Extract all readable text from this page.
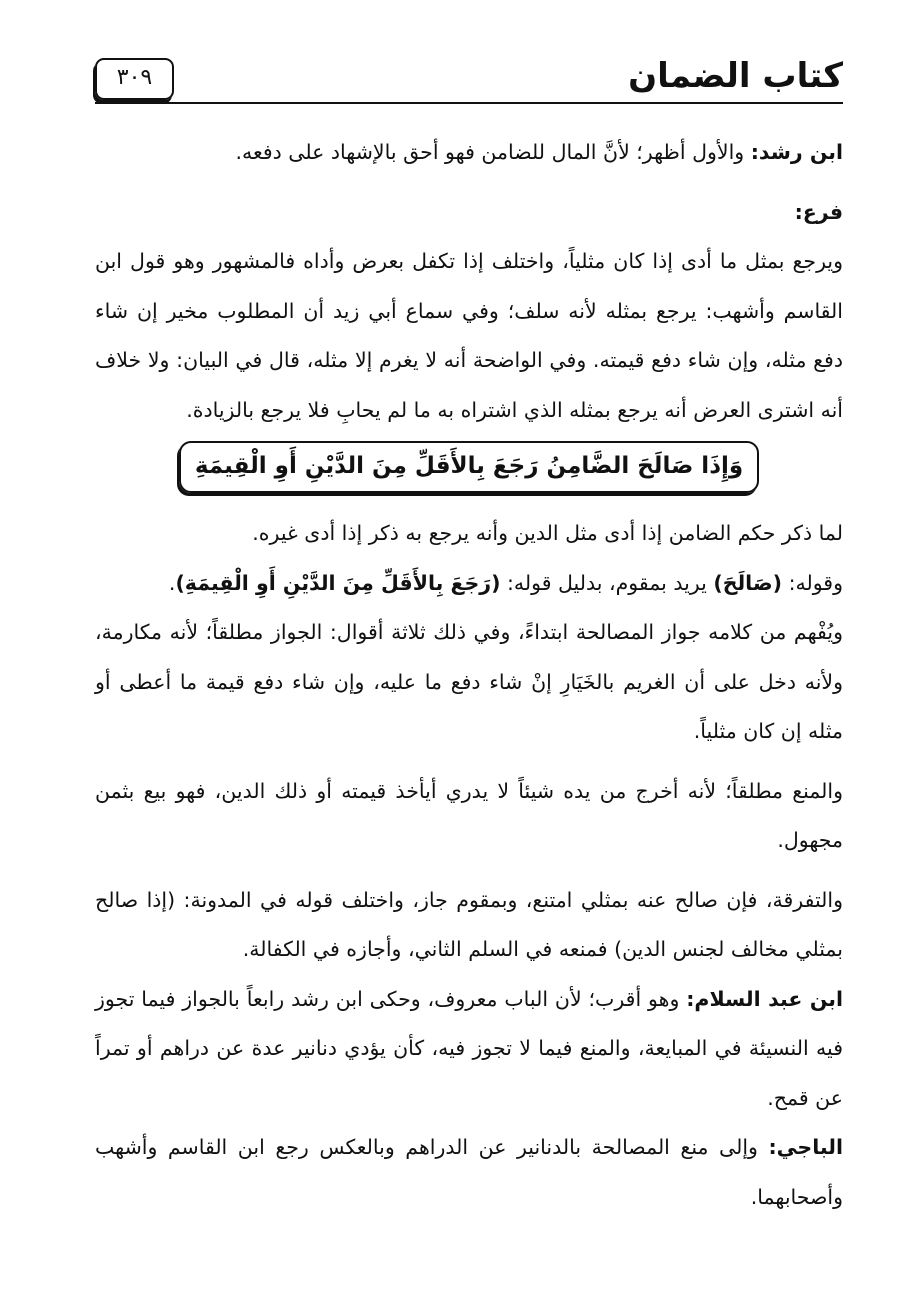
كتاب الضمان
٣٠٩

ابن رشد: والأول أظهر؛ لأنَّ المال للضامن فهو أحق بالإشهاد على دفعه.

فرع:

ويرجع بمثل ما أدى إذا كان مثلياً، واختلف إذا تكفل بعرض وأداه فالمشهور وهو قول ابن القاسم وأشهب: يرجع بمثله لأنه سلف؛ وفي سماع أبي زيد أن المطلوب مخير إن شاء دفع مثله، وإن شاء دفع قيمته. وفي الواضحة أنه لا يغرم إلا مثله، قال في البيان: ولا خلاف أنه اشترى العرض أنه يرجع بمثله الذي اشتراه به ما لم يحابِ فلا يرجع بالزيادة.

وَإِذَا صَالَحَ الضَّامِنُ رَجَعَ بِالأَقَلِّ مِنَ الدَّيْنِ أَوِ الْقِيمَةِ

لما ذكر حكم الضامن إذا أدى مثل الدين وأنه يرجع به ذكر إذا أدى غيره.

وقوله: (صَالَحَ) يريد بمقوم، بدليل قوله: (رَجَعَ بِالأَقَلِّ مِنَ الدَّيْنِ أَوِ الْقِيمَةِ).

ويُفْهم من كلامه جواز المصالحة ابتداءً، وفي ذلك ثلاثة أقوال: الجواز مطلقاً؛ لأنه مكارمة، ولأنه دخل على أن الغريم بالخَيَارِ إنْ شاء دفع ما عليه، وإن شاء دفع قيمة ما أعطى أو مثله إن كان مثلياً.

والمنع مطلقاً؛ لأنه أخرج من يده شيئاً لا يدري أيأخذ قيمته أو ذلك الدين، فهو بيع بثمن مجهول.

والتفرقة، فإن صالح عنه بمثلي امتنع، وبمقوم جاز، واختلف قوله في المدونة: (إذا صالح بمثلي مخالف لجنس الدين) فمنعه في السلم الثاني، وأجازه في الكفالة.

ابن عبد السلام: وهو أقرب؛ لأن الباب معروف، وحكى ابن رشد رابعاً بالجواز فيما تجوز فيه النسيئة في المبايعة، والمنع فيما لا تجوز فيه، كأن يؤدي دنانير عدة عن دراهم أو تمراً عن قمح.

الباجي: وإلى منع المصالحة بالدنانير عن الدراهم وبالعكس رجع ابن القاسم وأشهب وأصحابهما.
